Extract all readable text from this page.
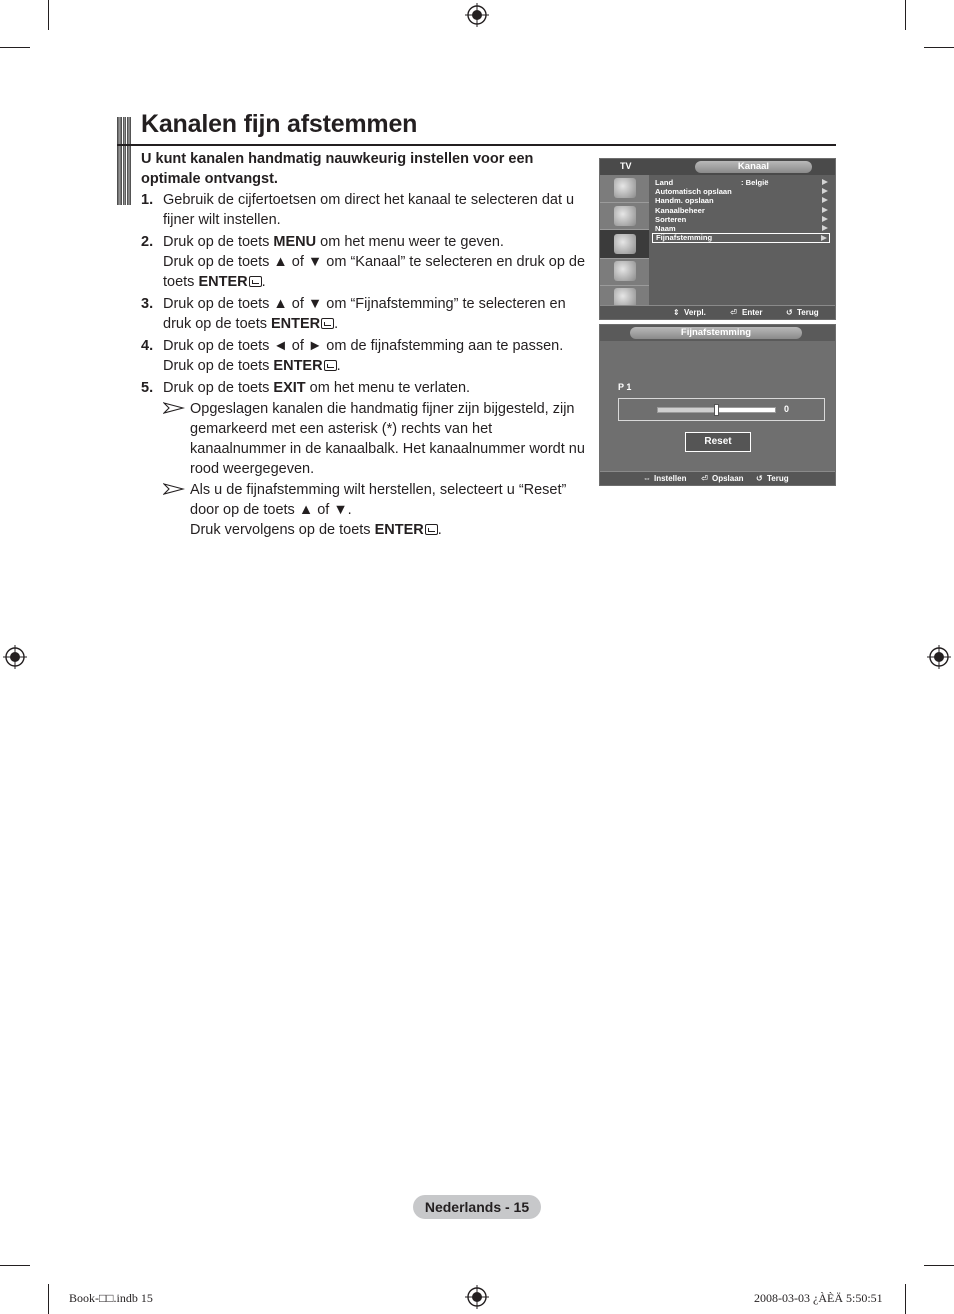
Kanalen fijn afstemmen

U kunt kanalen handmatig nauwkeurig instellen voor een optimale ontvangst.

1. Gebruik de cijfertoetsen om direct het kanaal te selecteren dat u fijner wilt instellen.
2. Druk op de toets MENU om het menu weer te geven.
Druk op de toets ▲ of ▼ om “Kanaal” te selecteren en druk op de toets ENTER .
3. Druk op de toets ▲ of ▼ om “Fijnafstemming” te selecteren en druk op de toets ENTER .
4. Druk op de toets ◄ of ► om de fijnafstemming aan te passen.
Druk op de toets ENTER .
5. Druk op de toets EXIT om het menu te verlaten.
Opgeslagen kanalen die handmatig fijner zijn bijgesteld, zijn gemarkeerd met een asterisk (*) rechts van het kanaalnummer in de kanaalbalk. Het kanaalnummer wordt nu rood weergegeven.
Als u de fijnafstemming wilt herstellen, selecteert u “Reset” door op de toets ▲ of ▼.
Druk vervolgens op de toets ENTER .
TV	Kanaal
Land	: België
Automatisch opslaan
Handm. opslaan
Kanaalbeheer
Sorteren
Naam
Fijnafstemming
⇕ Verpl.	⏎ Enter	↺ Terug
Fijnafstemming
P 1
0
Reset
⇔ Instellen ⏎ Opslaan ↺ Terug
Nederlands - 15
Book-□□.indb 15	2008-03-03 ¿ÀÈÄ 5:50:51
